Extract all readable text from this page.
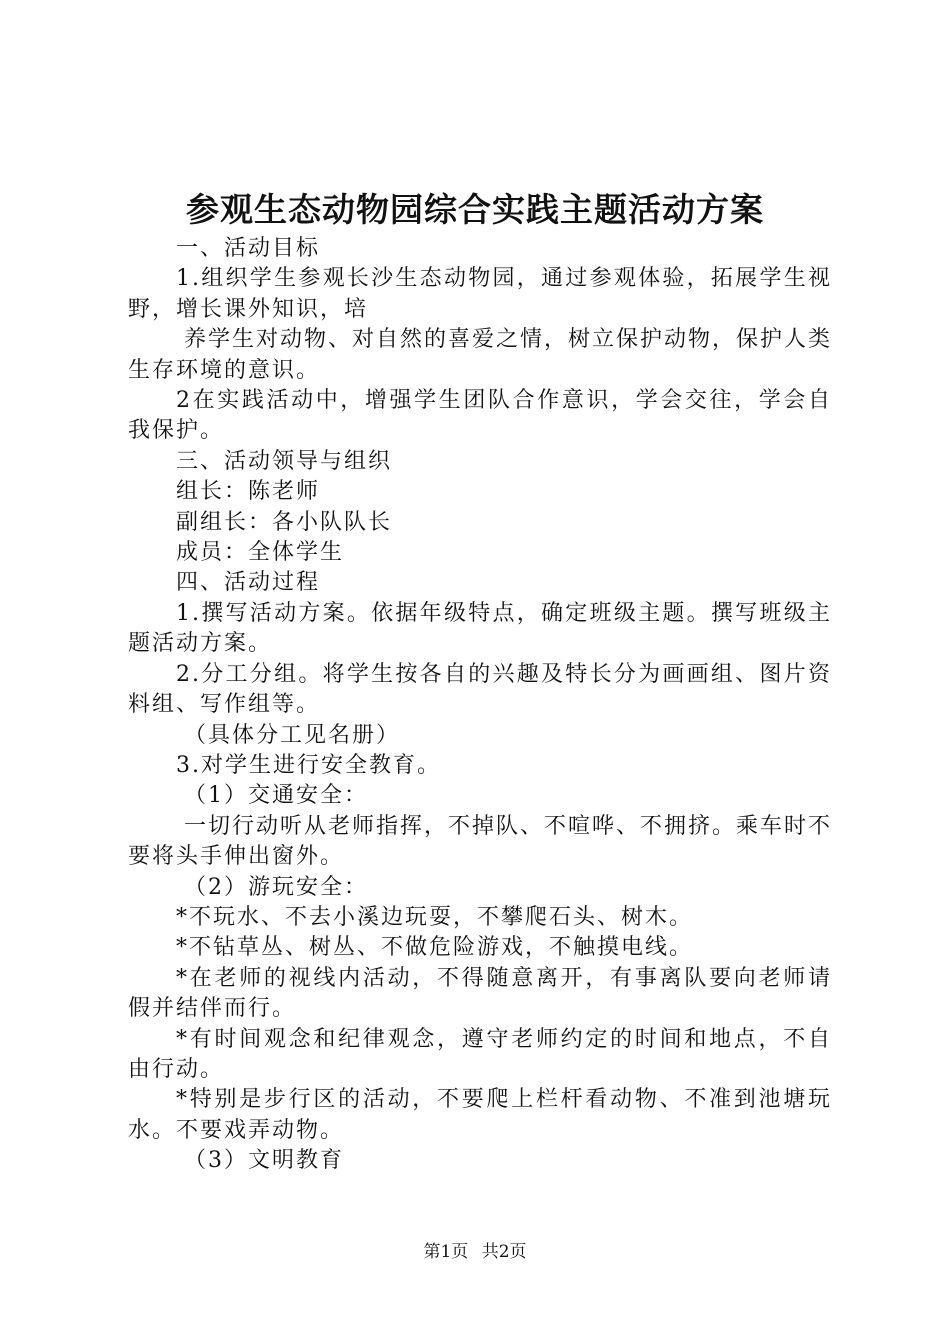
参观生态动物园综合实践主题活动方案

一、活动目标

1.组织学生参观长沙生态动物园，通过参观体验，拓展学生视野，增长课外知识，培

养学生对动物、对自然的喜爱之情，树立保护动物，保护人类生存环境的意识。

2在实践活动中，增强学生团队合作意识，学会交往，学会自我保护。

三、活动领导与组织

组长：陈老师

副组长：各小队队长

成员：全体学生

四、活动过程

1.撰写活动方案。依据年级特点，确定班级主题。撰写班级主题活动方案。

2.分工分组。将学生按各自的兴趣及特长分为画画组、图片资料组、写作组等。

（具体分工见名册）

3.对学生进行安全教育。

（1）交通安全：

一切行动听从老师指挥，不掉队、不喧哗、不拥挤。乘车时不要将头手伸出窗外。

（2）游玩安全：

*不玩水、不去小溪边玩耍，不攀爬石头、树木。

*不钻草丛、树丛、不做危险游戏，不触摸电线。

*在老师的视线内活动，不得随意离开，有事离队要向老师请假并结伴而行。

*有时间观念和纪律观念，遵守老师约定的时间和地点，不自由行动。

*特别是步行区的活动，不要爬上栏杆看动物、不准到池塘玩水。不要戏弄动物。

（3）文明教育

第1页 共2页
